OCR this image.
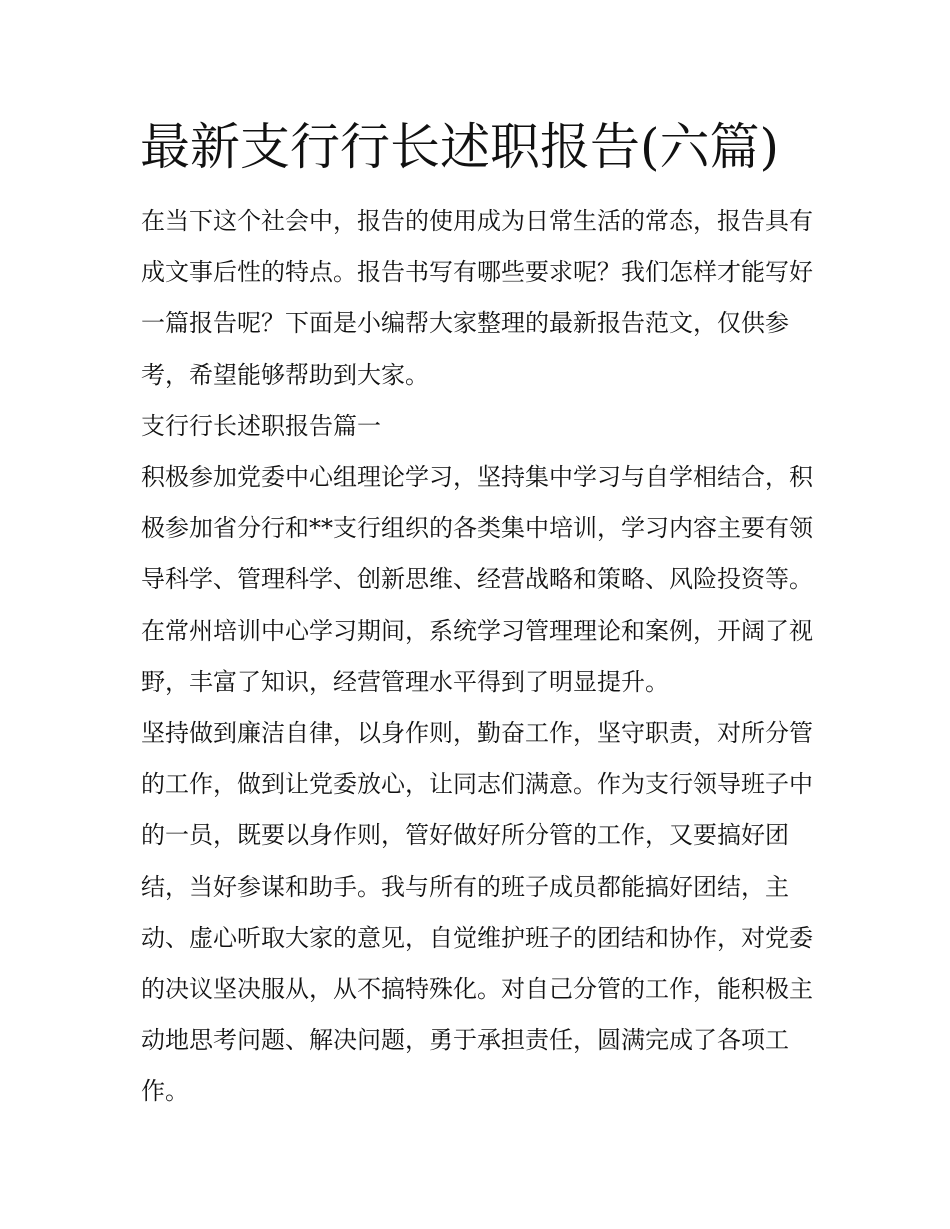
最新支行行长述职报告(六篇)

在当下这个社会中，报告的使用成为日常生活的常态，报告具有成文事后性的特点。报告书写有哪些要求呢？我们怎样才能写好一篇报告呢？下面是小编帮大家整理的最新报告范文，仅供参考，希望能够帮助到大家。

支行行长述职报告篇一

积极参加党委中心组理论学习，坚持集中学习与自学相结合，积极参加省分行和**支行组织的各类集中培训，学习内容主要有领导科学、管理科学、创新思维、经营战略和策略、风险投资等。在常州培训中心学习期间，系统学习管理理论和案例，开阔了视野，丰富了知识，经营管理水平得到了明显提升。

坚持做到廉洁自律，以身作则，勤奋工作，坚守职责，对所分管的工作，做到让党委放心，让同志们满意。作为支行领导班子中的一员，既要以身作则，管好做好所分管的工作，又要搞好团结，当好参谋和助手。我与所有的班子成员都能搞好团结，主动、虚心听取大家的意见，自觉维护班子的团结和协作，对党委的决议坚决服从，从不搞特殊化。对自己分管的工作，能积极主动地思考问题、解决问题，勇于承担责任，圆满完成了各项工作。
